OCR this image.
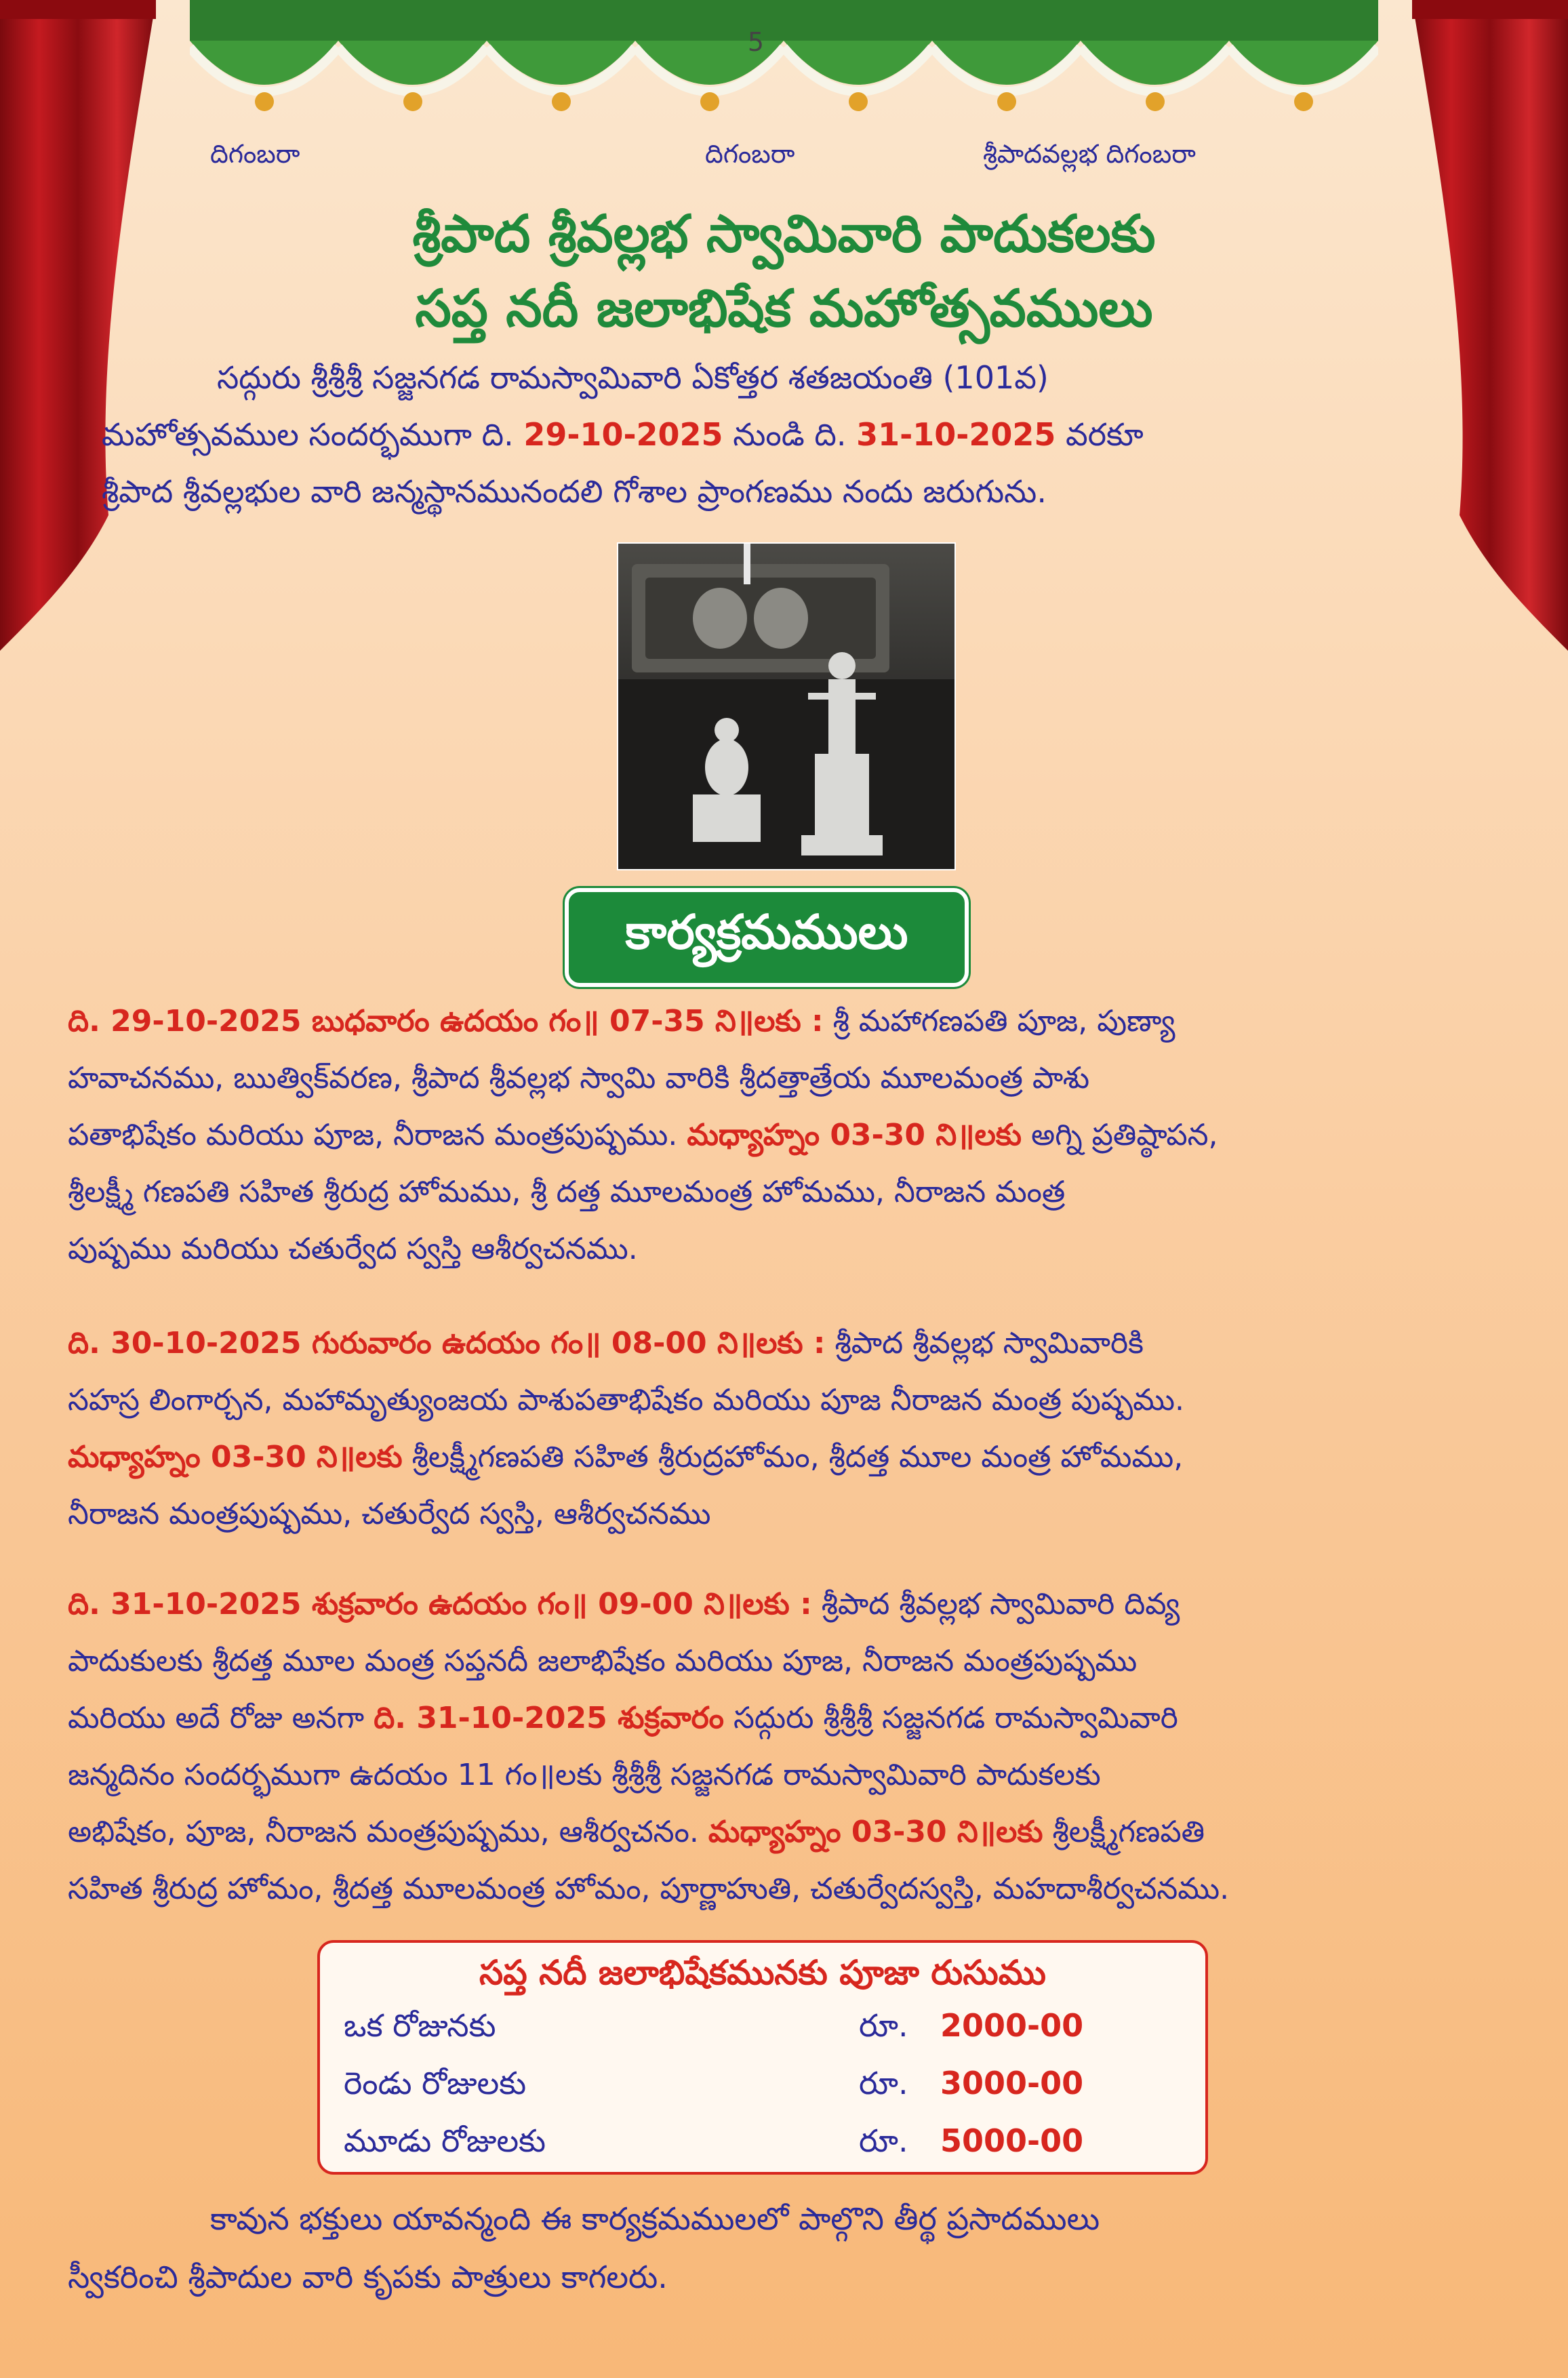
5
దిగంబరా	దిగంబరా	శ్రీపాదవల్లభ దిగంబరా
శ్రీపాద శ్రీవల్లభ స్వామివారి పాదుకలకు
సప్త నదీ జలాభిషేక మహోత్సవములు

సద్గురు శ్రీశ్రీశ్రీ సజ్జనగడ రామస్వామివారి ఏకోత్తర శతజయంతి (101వ)

మహోత్సవముల సందర్భముగా ది. 29-10-2025 నుండి ది. 31-10-2025 వరకూ

శ్రీపాద శ్రీవల్లభుల వారి జన్మస్థానమునందలి గోశాల ప్రాంగణము నందు జరుగును.

కార్యక్రమములు

ది. 29-10-2025 బుధవారం ఉదయం గం॥ 07-35 ని॥లకు : శ్రీ మహాగణపతి పూజ, పుణ్యా

హవాచనము, ఋత్విక్‌వరణ, శ్రీపాద శ్రీవల్లభ స్వామి వారికి శ్రీదత్తాత్రేయ మూలమంత్ర పాశు

పతాభిషేకం మరియు పూజ, నీరాజన మంత్రపుష్పము. మధ్యాహ్నం 03-30 ని॥లకు అగ్ని ప్రతిష్ఠాపన,

శ్రీలక్ష్మీ గణపతి సహిత శ్రీరుద్ర హోమము, శ్రీ దత్త మూలమంత్ర హోమము, నీరాజన మంత్ర

పుష్పము మరియు చతుర్వేద స్వస్తి ఆశీర్వచనము.

ది. 30-10-2025 గురువారం ఉదయం గం॥ 08-00 ని॥లకు : శ్రీపాద శ్రీవల్లభ స్వామివారికి

సహస్ర లింగార్చన, మహామృత్యుంజయ పాశుపతాభిషేకం మరియు పూజ నీరాజన మంత్ర పుష్పము.

మధ్యాహ్నం 03-30 ని॥లకు శ్రీలక్ష్మీగణపతి సహిత శ్రీరుద్రహోమం, శ్రీదత్త మూల మంత్ర హోమము,

నీరాజన మంత్రపుష్పము, చతుర్వేద స్వస్తి, ఆశీర్వచనము

ది. 31-10-2025 శుక్రవారం ఉదయం గం॥ 09-00 ని॥లకు : శ్రీపాద శ్రీవల్లభ స్వామివారి దివ్య

పాదుకులకు శ్రీదత్త మూల మంత్ర సప్తనదీ జలాభిషేకం మరియు పూజ, నీరాజన మంత్రపుష్పము

మరియు అదే రోజు అనగా ది. 31-10-2025 శుక్రవారం సద్గురు శ్రీశ్రీశ్రీ సజ్జనగడ రామస్వామివారి

జన్మదినం సందర్భముగా ఉదయం 11 గం॥లకు శ్రీశ్రీశ్రీ సజ్జనగడ రామస్వామివారి పాదుకలకు

అభిషేకం, పూజ, నీరాజన మంత్రపుష్పము, ఆశీర్వచనం. మధ్యాహ్నం 03-30 ని॥లకు శ్రీలక్ష్మీగణపతి

సహిత శ్రీరుద్ర హోమం, శ్రీదత్త మూలమంత్ర హోమం, పూర్ణాహుతి, చతుర్వేదస్వస్తి, మహదాశీర్వచనము.

సప్త నదీ జలాభిషేకమునకు పూజా రుసుము
ఒక రోజునకు	రూ. 2000-00
రెండు రోజులకు	రూ. 3000-00
మూడు రోజులకు	రూ. 5000-00

కావున భక్తులు యావన్మంది ఈ కార్యక్రమములలో పాల్గొని తీర్థ ప్రసాదములు

స్వీకరించి శ్రీపాదుల వారి కృపకు పాత్రులు కాగలరు.
